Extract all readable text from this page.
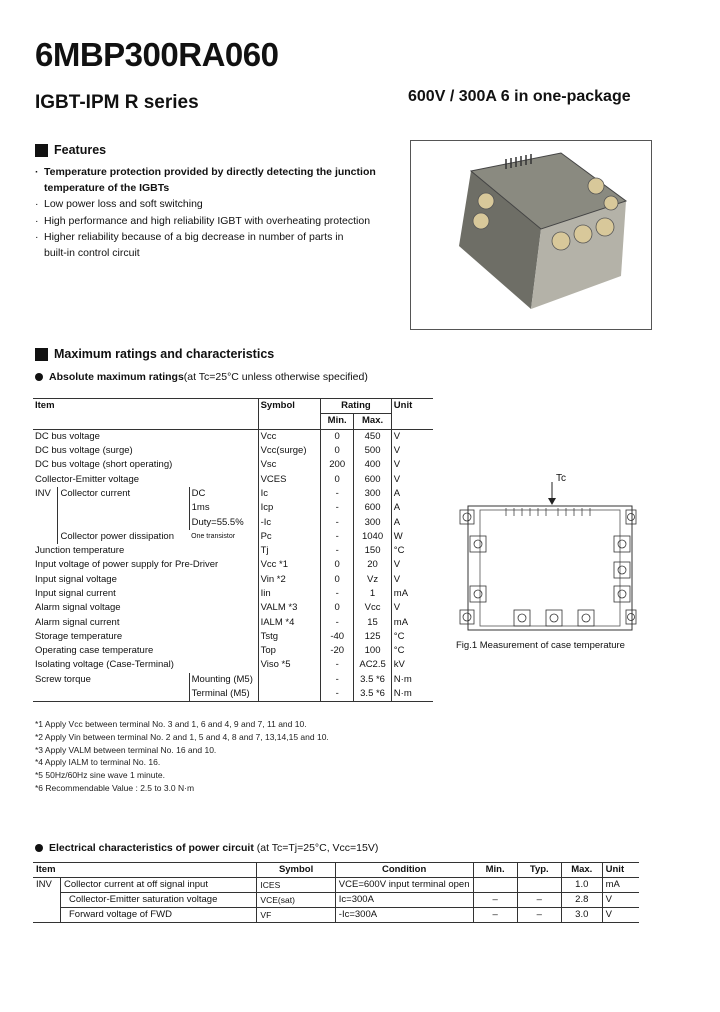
6MBP300RA060
IGBT-IPM R series	600V / 300A 6 in one-package
Features
· Temperature protection provided by directly detecting the junction
temperature of the IGBTs
· Low power loss and soft switching
· High performance and high reliability IGBT with overheating protection
· Higher reliability because of a big decrease in number of parts in
built-in control circuit
Maximum ratings and characteristics
Absolute maximum ratings(at Tc=25°C unless otherwise specified)
Item			Symbol	Rating		Unit
				Min.	Max.	
DC bus voltage			Vcc	0	450	V
DC bus voltage (surge)			Vcc(surge)	0	500	V
DC bus voltage (short operating)			Vsc	200	400	V
Collector-Emitter voltage			VCES	0	600	V
INV	Collector current	DC	Ic	-	300	A
		1ms	Icp	-	600	A
		Duty=55.5%	-Ic	-	300	A
	Collector power dissipation	One transistor	Pc	-	1040	W
Junction temperature			Tj	-	150	°C
Input voltage of power supply for Pre-Driver			Vcc *1	0	20	V
Input signal voltage			Vin *2	0	Vz	V
Input signal current			Iin	-	1	mA
Alarm signal voltage			VALM *3	0	Vcc	V
Alarm signal current			IALM *4	-	15	mA
Storage temperature			Tstg	-40	125	°C
Operating case temperature			Top	-20	100	°C
Isolating voltage (Case-Terminal)			Viso *5	-	AC2.5	kV
Screw torque		Mounting (M5)		-	3.5 *6	N·m
		Terminal (M5)		-	3.5 *6	N·m
*1 Apply Vcc between terminal No. 3 and 1, 6 and 4, 9 and 7, 11 and 10.
*2 Apply Vin between terminal No. 2 and 1, 5 and 4, 8 and 7, 13,14,15 and 10.
*3 Apply VALM between terminal No. 16 and 10.
*4 Apply IALM to terminal No. 16.
*5 50Hz/60Hz sine wave 1 minute.
*6 Recommendable Value : 2.5 to 3.0 N·m
Tc
Fig.1 Measurement of case temperature
Electrical characteristics of power circuit (at Tc=Tj=25°C, Vcc=15V)
Item		Symbol	Condition	Min.	Typ.	Max.	Unit
INV	Collector current at off signal input	ICES	VCE=600V input terminal open			1.0	mA
	Collector-Emitter saturation voltage	VCE(sat)	Ic=300A	–	–	2.8	V
	Forward voltage of FWD	VF	-Ic=300A	–	–	3.0	V
